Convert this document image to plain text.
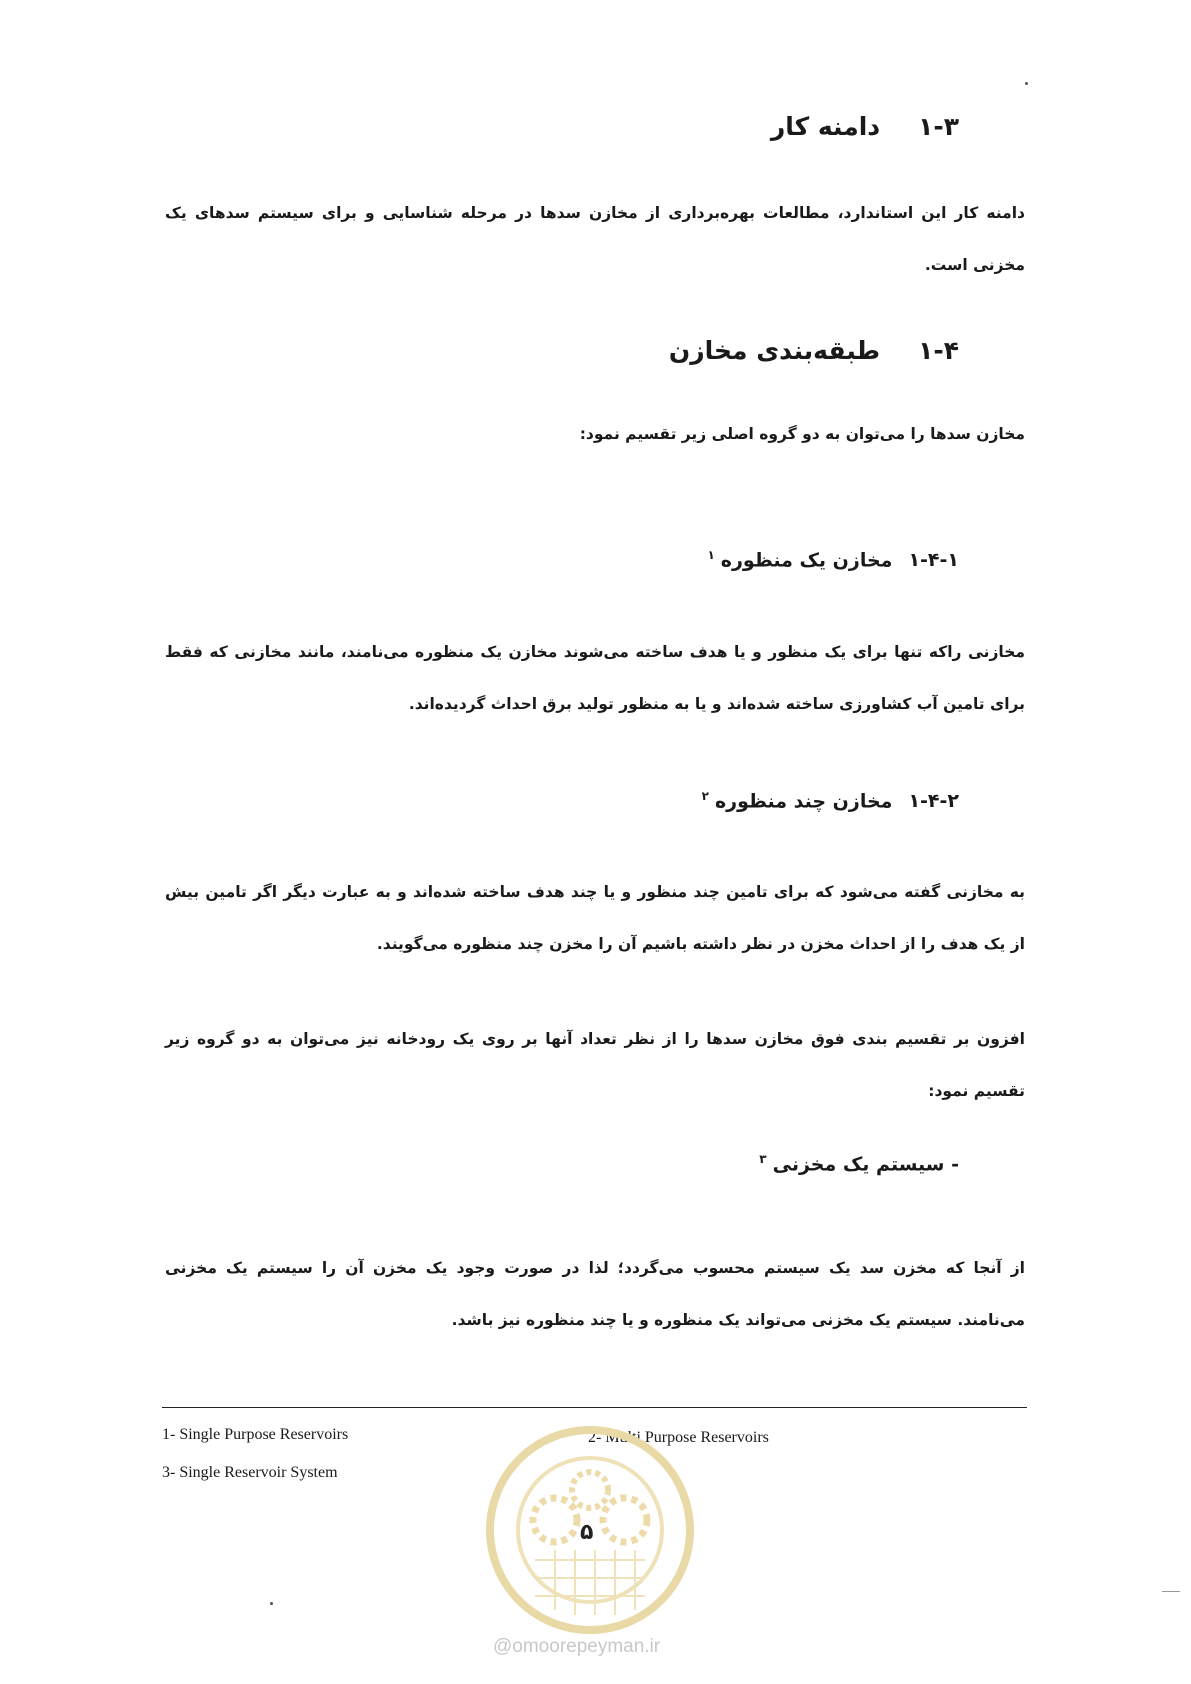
۱-۳دامنه کار
دامنه کار این استاندارد، مطالعات بهره‌برداری از مخازن سدها در مرحله شناسایی و برای سیستم سدهای یک مخزنی است.
۱-۴طبقه‌بندی مخازن
مخازن سدها را می‌توان به دو گروه اصلی زیر تقسیم نمود:
۱-۴-۱مخازن یک منظوره$^۱$
مخازنی راکه تنها برای یک منظور و یا هدف ساخته می‌شوند مخازن یک منظوره می‌نامند، مانند مخازنی که فقط برای تامین آب کشاورزی ساخته شده‌اند و یا به منظور تولید برق احداث گردیده‌اند.
۱-۴-۲مخازن چند منظوره$^۲$
به مخازنی گفته می‌شود که برای تامین چند منظور و یا چند هدف ساخته شده‌اند و به عبارت دیگر اگر تامین بیش از یک هدف را از احداث مخزن در نظر داشته باشیم آن را مخزن چند منظوره می‌گویند.
افزون بر تقسیم بندی فوق مخازن سدها را از نظر تعداد آنها بر روی یک رودخانه نیز می‌توان به دو گروه زیر تقسیم نمود:
- سیستم یک مخزنی$^۳$
از آنجا که مخزن سد یک سیستم محسوب می‌گردد؛ لذا در صورت وجود یک مخزن آن را سیستم یک مخزنی می‌نامند. سیستم یک مخزنی می‌تواند یک منظوره و یا چند منظوره نیز باشد.
1- Single Purpose Reservoirs	2- Multi Purpose Reservoirs
3- Single Reservoir System
۵
@omoorepeyman.ir
